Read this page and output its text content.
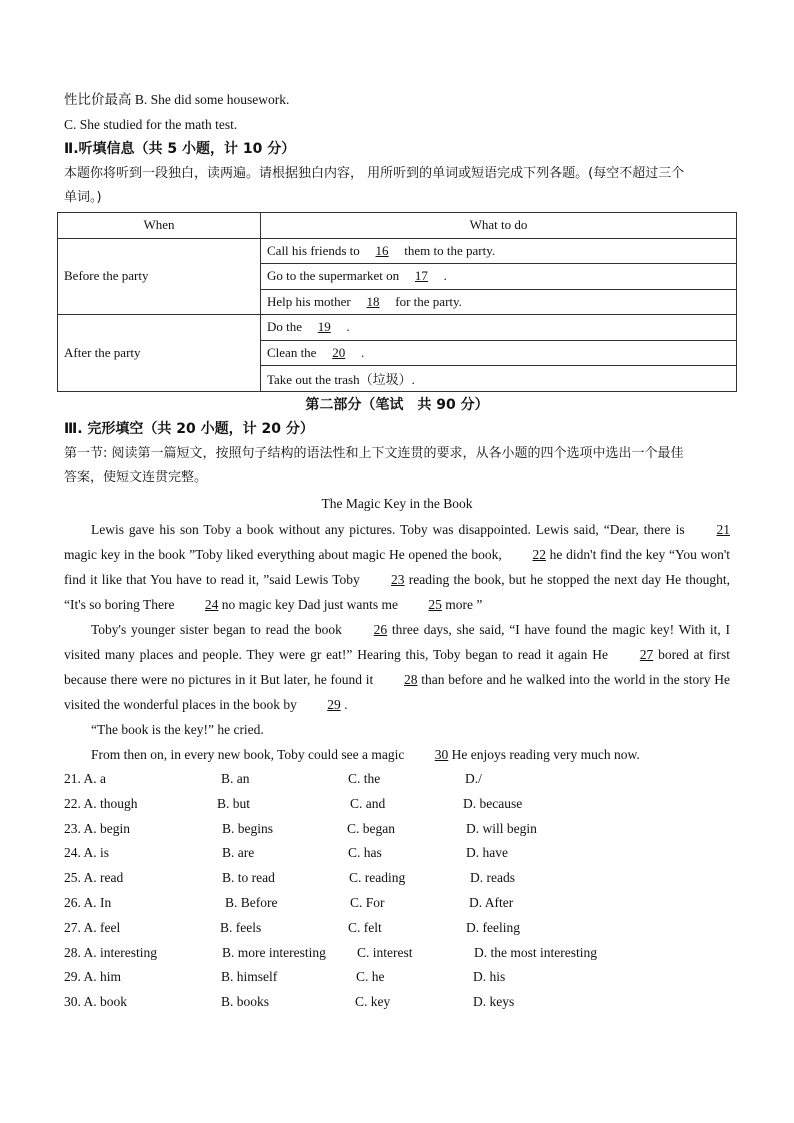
性比价最高 B. She did some housework.
C. She studied for the math test.
Ⅱ.听填信息（共 5 小题，计 10 分）
本题你将听到一段独白，读两遍。请根据独白内容， 用所听到的单词或短语完成下列各题。(每空不超过三个
单词。)
When	What to do
Before the party	Call his friends to 16 them to the party.
	Go to the supermarket on 17 .
	Help his mother 18 for the party.
After the party	Do the 19 .
	Clean the 20 .
	Take out the trash（垃圾）.
第二部分（笔试　共 90 分）
Ⅲ. 完形填空（共 20 小题，计 20 分）
第一节: 阅读第一篇短文，按照句子结构的语法性和上下文连贯的要求，从各小题的四个选项中选出一个最佳
答案，使短文连贯完整。
The Magic Key in the Book
Lewis gave his son Toby a book without any pictures. Toby was disappointed. Lewis said, “Dear, there is 21 magic key in the book ”Toby liked everything about magic He opened the book, 22 he didn't find the key “You won't find it like that You have to read it, ”said Lewis Toby 23 reading the book, but he stopped the next day He thought, “It's so boring There 24 no magic key Dad just wants me 25 more ”
Toby's younger sister began to read the book 26 three days, she said, “I have found the magic key! With it, I visited many places and people. They were gr eat!” Hearing this, Toby began to read it again He 27 bored at first because there were no pictures in it But later, he found it 28 than before and he walked into the world in the story He visited the wonderful places in the book by 29 .
“The book is the key!” he cried.
From then on, in every new book, Toby could see a magic 30 He enjoys reading very much now.
21. A. a	B. an	C. the	D./
22. A. though	B. but	C. and	D. because
23. A. begin	B. begins	C. began	D. will begin
24. A. is	B. are	C. has	D. have
25. A. read	B. to read	C. reading	D. reads
26. A. In	B. Before	C. For	D. After
27. A. feel	B. feels	C. felt	D. feeling
28. A. interesting	B. more interesting C. interest	D. the most interesting
29. A. him	B. himself	C. he	D. his
30. A. book	B. books	C. key	D. keys
